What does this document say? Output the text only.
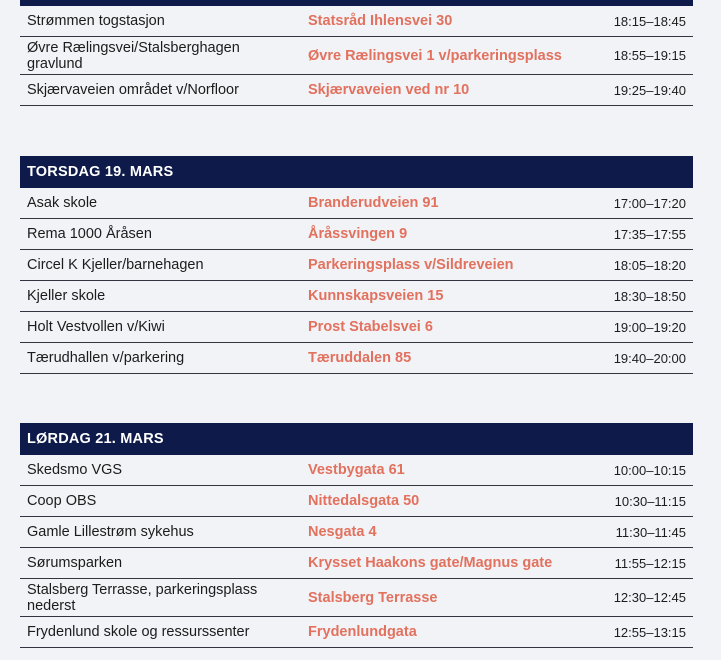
Strømmen togstasjon	Statsråd Ihlensvei 30	18:15–18:45
Øvre Rælingsvei/Stalsberghagen gravlund	Øvre Rælingsvei 1 v/parkeringsplass	18:55–19:15
Skjærvaveien området v/Norfloor	Skjærvaveien ved nr 10	19:25–19:40
TORSDAG 19. MARS
Asak skole	Branderudveien 91	17:00–17:20
Rema 1000 Åråsen	Åråssvingen 9	17:35–17:55
Circel K Kjeller/barnehagen	Parkeringsplass v/Sildreveien	18:05–18:20
Kjeller skole	Kunnskapsveien 15	18:30–18:50
Holt Vestvollen v/Kiwi	Prost Stabelsvei 6	19:00–19:20
Tærudhallen v/parkering	Tæruddalen 85	19:40–20:00
LØRDAG 21. MARS
Skedsmo VGS	Vestbygata 61	10:00–10:15
Coop OBS	Nittedalsgata 50	10:30–11:15
Gamle Lillestrøm sykehus	Nesgata 4	11:30–11:45
Sørumsparken	Krysset Haakons gate/Magnus gate	11:55–12:15
Stalsberg Terrasse, parkeringsplass nederst	Stalsberg Terrasse	12:30–12:45
Frydenlund skole og ressurssenter	Frydenlundgata	12:55–13:15
